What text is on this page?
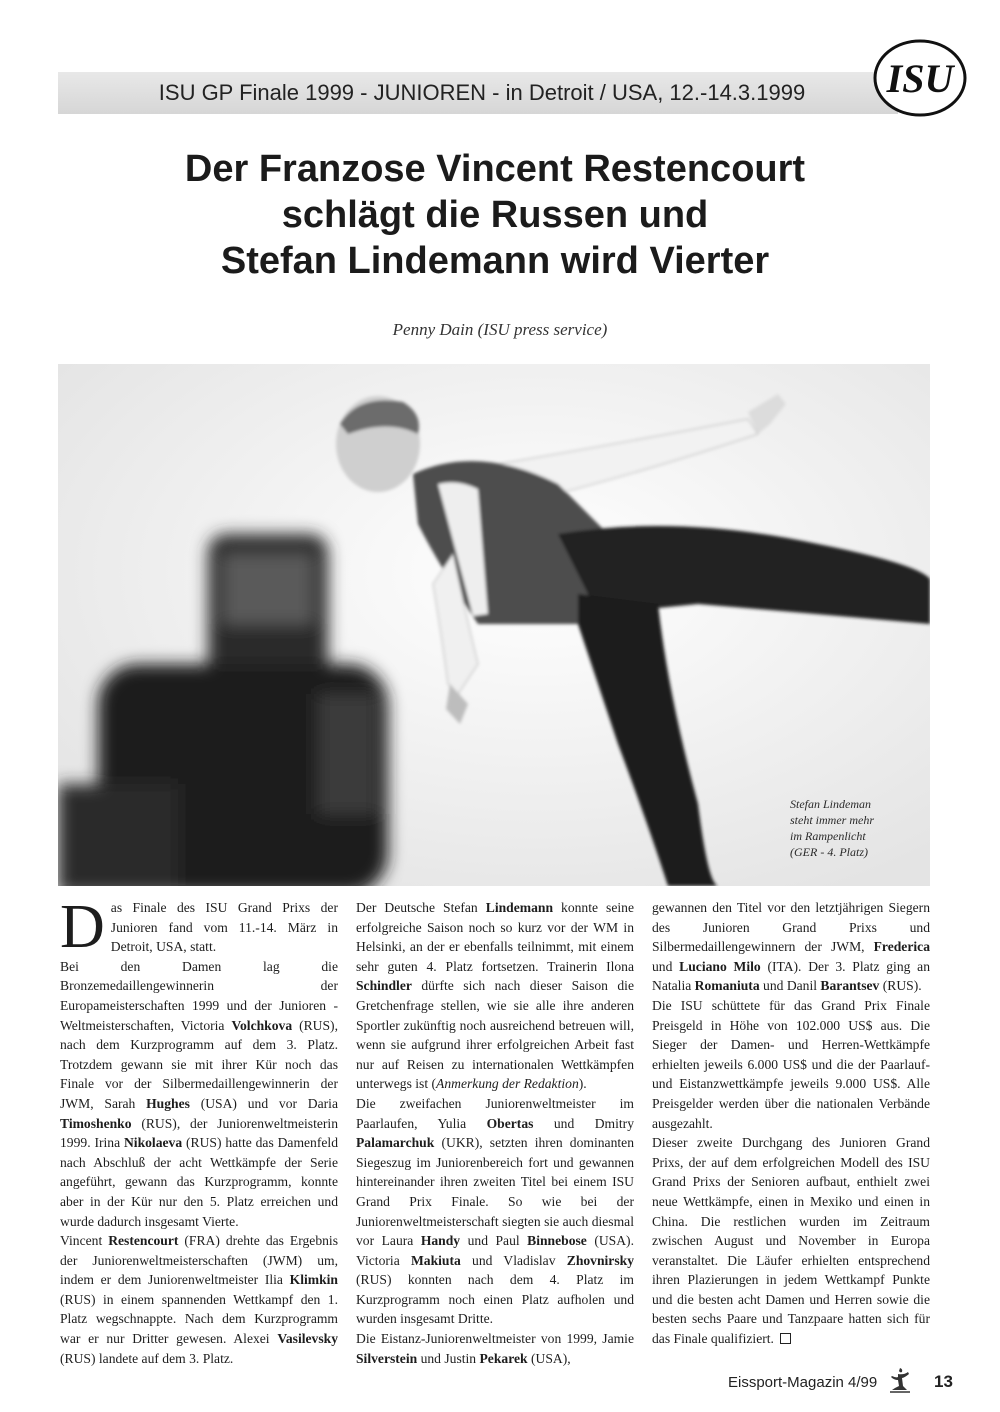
ISU GP Finale 1999 - JUNIOREN - in Detroit / USA, 12.-14.3.1999	ISU
Der Franzose Vincent Restencourt
schlägt die Russen und
Stefan Lindemann wird Vierter
Penny Dain (ISU press service)
Stefan Lindeman
steht immer mehr
im Rampenlicht
(GER - 4. Platz)

Das Finale des ISU Grand Prixs der Junioren fand vom 11.-14. März in Detroit, USA, statt.

Bei den Damen lag die Bronzemedaillengewinnerin der Europameisterschaften 1999 und der Junioren - Weltmeisterschaften, Victoria Volchkova (RUS), nach dem Kurzprogramm auf dem 3. Platz. Trotzdem gewann sie mit ihrer Kür noch das Finale vor der Silbermedaillengewinnerin der JWM, Sarah Hughes (USA) und vor Daria Timoshenko (RUS), der Juniorenweltmeisterin 1999. Irina Nikolaeva (RUS) hatte das Damenfeld nach Abschluß der acht Wettkämpfe der Serie angeführt, gewann das Kurzprogramm, konnte aber in der Kür nur den 5. Platz erreichen und wurde dadurch insgesamt Vierte.

Vincent Restencourt (FRA) drehte das Ergebnis der Juniorenweltmeisterschaften (JWM) um, indem er dem Juniorenweltmeister Ilia Klimkin (RUS) in einem spannenden Wettkampf den 1. Platz wegschnappte. Nach dem Kurzprogramm war er nur Dritter gewesen. Alexei Vasilevsky (RUS) landete auf dem 3. Platz.

Der Deutsche Stefan Lindemann konnte seine erfolgreiche Saison noch so kurz vor der WM in Helsinki, an der er ebenfalls teilnimmt, mit einem sehr guten 4. Platz fortsetzen. Trainerin Ilona Schindler dürfte sich nach dieser Saison die Gretchenfrage stellen, wie sie alle ihre anderen Sportler zukünftig noch ausreichend betreuen will, wenn sie aufgrund ihrer erfolgreichen Arbeit fast nur auf Reisen zu internationalen Wettkämpfen unterwegs ist (Anmerkung der Redaktion).

Die zweifachen Juniorenweltmeister im Paarlaufen, Yulia Obertas und Dmitry Palamarchuk (UKR), setzten ihren dominanten Siegeszug im Juniorenbereich fort und gewannen hintereinander ihren zweiten Titel bei einem ISU Grand Prix Finale. So wie bei der Juniorenweltmeisterschaft siegten sie auch diesmal vor Laura Handy und Paul Binnebose (USA). Victoria Makiuta und Vladislav Zhovnirsky (RUS) konnten nach dem 4. Platz im Kurzprogramm noch einen Platz aufholen und wurden insgesamt Dritte.

Die Eistanz-Juniorenweltmeister von 1999, Jamie Silverstein und Justin Pekarek (USA),

gewannen den Titel vor den letztjährigen Siegern des Junioren Grand Prixs und Silbermedaillengewinnern der JWM, Frederica und Luciano Milo (ITA). Der 3. Platz ging an Natalia Romaniuta und Danil Barantsev (RUS).

Die ISU schüttete für das Grand Prix Finale Preisgeld in Höhe von 102.000 US$ aus. Die Sieger der Damen- und Herren-Wettkämpfe erhielten jeweils 6.000 US$ und die der Paarlauf- und Eistanzwettkämpfe jeweils 9.000 US$. Alle Preisgelder werden über die nationalen Verbände ausgezahlt.

Dieser zweite Durchgang des Junioren Grand Prixs, der auf dem erfolgreichen Modell des ISU Grand Prixs der Senioren aufbaut, enthielt zwei neue Wettkämpfe, einen in Mexiko und einen in China. Die restlichen wurden im Zeitraum zwischen August und November in Europa veranstaltet. Die Läufer erhielten entsprechend ihren Plazierungen in jedem Wettkampf Punkte und die besten acht Damen und Herren sowie die besten sechs Paare und Tanzpaare hatten sich für das Finale qualifiziert.

Eissport-Magazin 4/99	13
